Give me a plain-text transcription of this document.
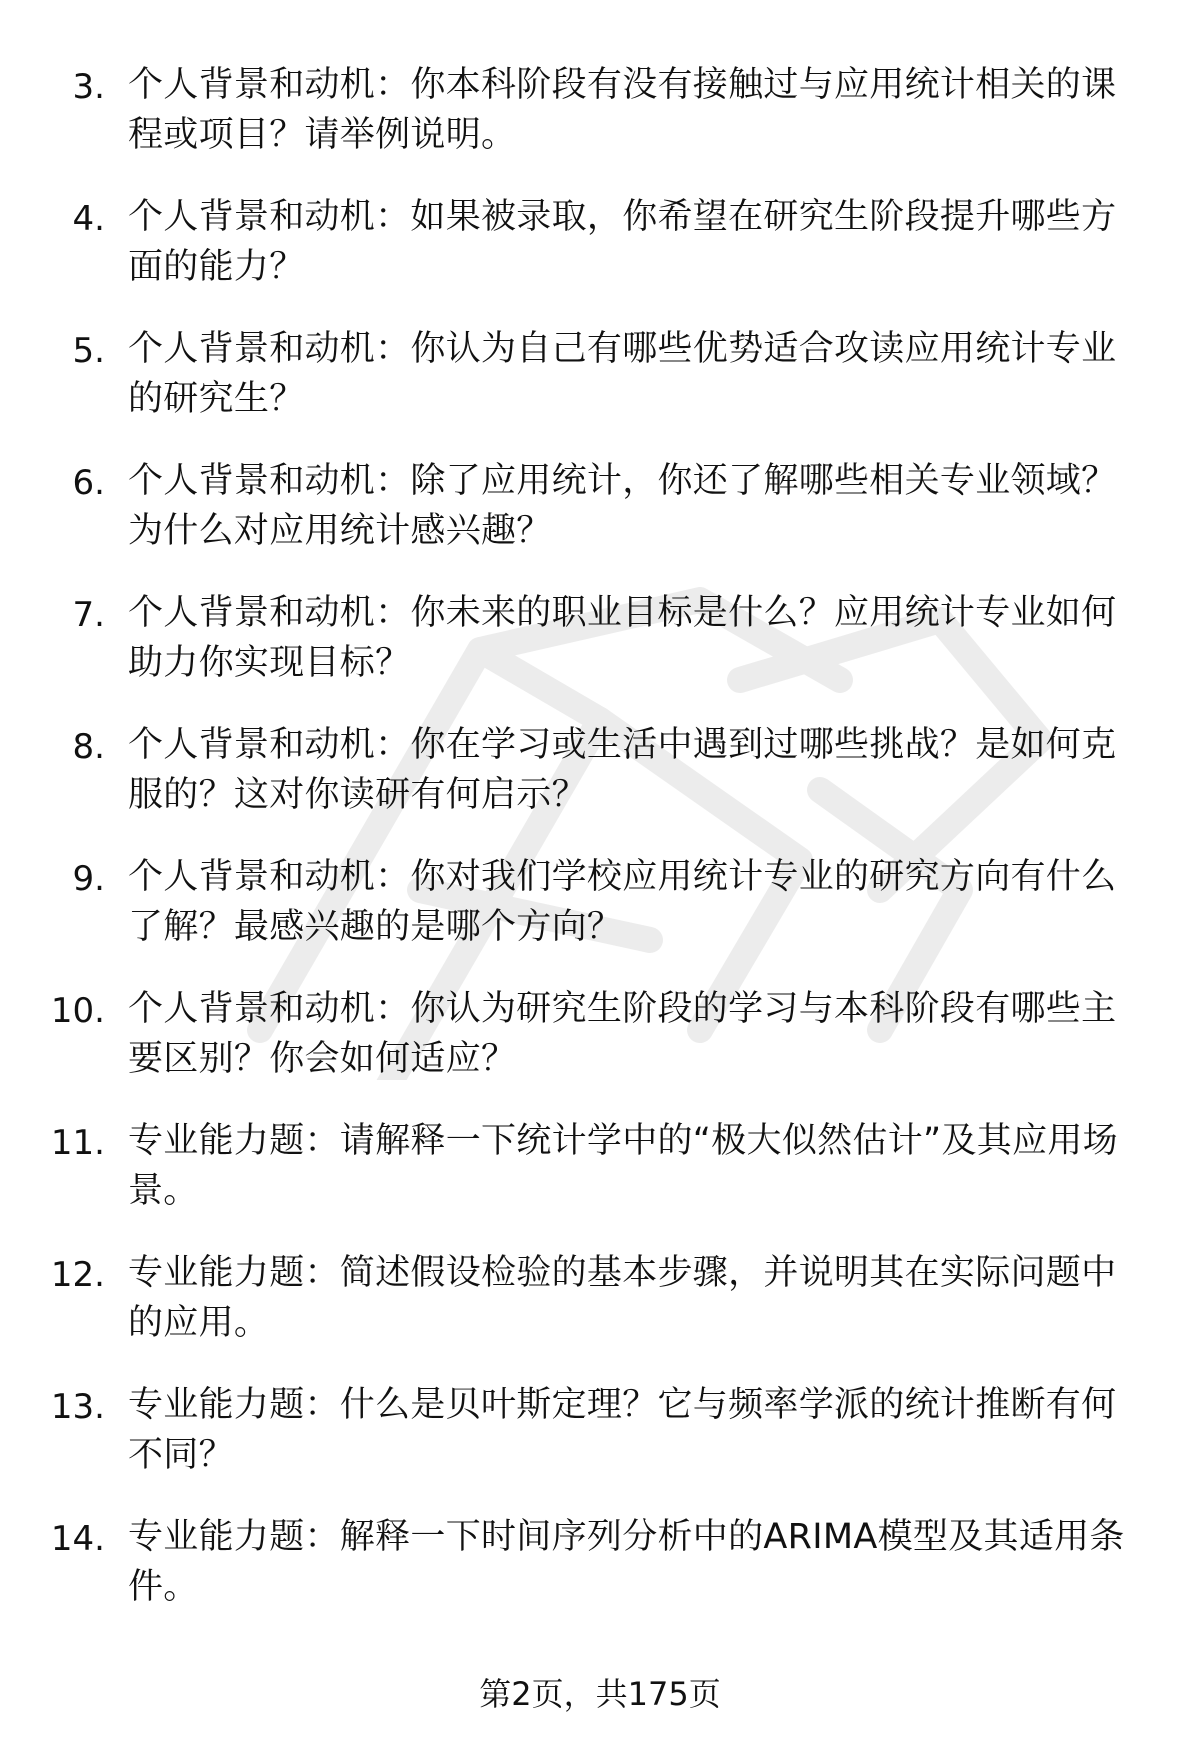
3. 个人背景和动机：你本科阶段有没有接触过与应用统计相关的课程或项目？请举例说明。
4. 个人背景和动机：如果被录取，你希望在研究生阶段提升哪些方面的能力？
5. 个人背景和动机：你认为自己有哪些优势适合攻读应用统计专业的研究生？
6. 个人背景和动机：除了应用统计，你还了解哪些相关专业领域？为什么对应用统计感兴趣？
7. 个人背景和动机：你未来的职业目标是什么？应用统计专业如何助力你实现目标？
8. 个人背景和动机：你在学习或生活中遇到过哪些挑战？是如何克服的？这对你读研有何启示？
9. 个人背景和动机：你对我们学校应用统计专业的研究方向有什么了解？最感兴趣的是哪个方向？
10. 个人背景和动机：你认为研究生阶段的学习与本科阶段有哪些主要区别？你会如何适应？
11. 专业能力题：请解释一下统计学中的“极大似然估计”及其应用场景。
12. 专业能力题：简述假设检验的基本步骤，并说明其在实际问题中的应用。
13. 专业能力题：什么是贝叶斯定理？它与频率学派的统计推断有何不同？
14. 专业能力题：解释一下时间序列分析中的ARIMA模型及其适用条件。
第2页，共175页
